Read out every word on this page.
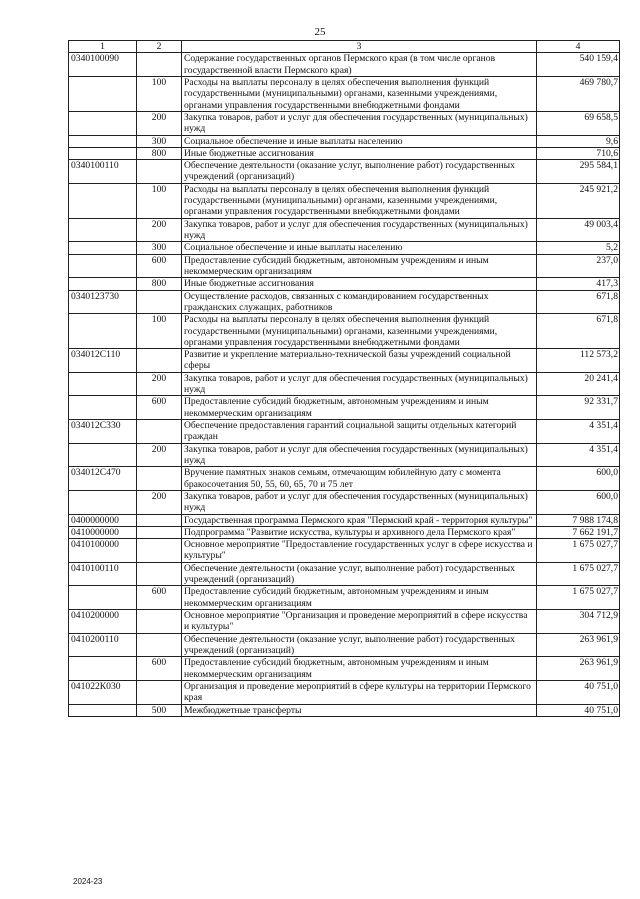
25
1	2	3	4
0340100090		Содержание государственных органов Пермского края (в том числе органов государственной власти Пермского края)	540 159,4
	100	Расходы на выплаты персоналу в целях обеспечения выполнения функций государственными (муниципальными) органами, казенными учреждениями, органами управления государственными внебюджетными фондами	469 780,7
	200	Закупка товаров, работ и услуг для обеспечения государственных (муниципальных) нужд	69 658,5
	300	Социальное обеспечение и иные выплаты населению	9,6
	800	Иные бюджетные ассигнования	710,6
0340100110		Обеспечение деятельности (оказание услуг, выполнение работ) государственных учреждений (организаций)	295 584,1
	100	Расходы на выплаты персоналу в целях обеспечения выполнения функций государственными (муниципальными) органами, казенными учреждениями, органами управления государственными внебюджетными фондами	245 921,2
	200	Закупка товаров, работ и услуг для обеспечения государственных (муниципальных) нужд	49 003,4
	300	Социальное обеспечение и иные выплаты населению	5,2
	600	Предоставление субсидий бюджетным, автономным учреждениям и иным некоммерческим организациям	237,0
	800	Иные бюджетные ассигнования	417,3
0340123730		Осуществление расходов, связанных с командированием государственных гражданских служащих, работников	671,8
	100	Расходы на выплаты персоналу в целях обеспечения выполнения функций государственными (муниципальными) органами, казенными учреждениями, органами управления государственными внебюджетными фондами	671,8
034012С110		Развитие и укрепление материально-технической базы учреждений социальной сферы	112 573,2
	200	Закупка товаров, работ и услуг для обеспечения государственных (муниципальных) нужд	20 241,4
	600	Предоставление субсидий бюджетным, автономным учреждениям и иным некоммерческим организациям	92 331,7
034012С330		Обеспечение предоставления гарантий социальной защиты отдельных категорий граждан	4 351,4
	200	Закупка товаров, работ и услуг для обеспечения государственных (муниципальных) нужд	4 351,4
034012С470		Вручение памятных знаков семьям, отмечающим юбилейную дату с момента бракосочетания 50, 55, 60, 65, 70 и 75 лет	600,0
	200	Закупка товаров, работ и услуг для обеспечения государственных (муниципальных) нужд	600,0
0400000000		Государственная программа Пермского края "Пермский край - территория культуры"	7 988 174,8
0410000000		Подпрограмма "Развитие искусства, культуры и архивного дела Пермского края"	7 662 191,7
0410100000		Основное мероприятие "Предоставление государственных услуг в сфере искусства и культуры"	1 675 027,7
0410100110		Обеспечение деятельности (оказание услуг, выполнение работ) государственных учреждений (организаций)	1 675 027,7
	600	Предоставление субсидий бюджетным, автономным учреждениям и иным некоммерческим организациям	1 675 027,7
0410200000		Основное мероприятие "Организация и проведение мероприятий в сфере искусства и культуры"	304 712,9
0410200110		Обеспечение деятельности (оказание услуг, выполнение работ) государственных учреждений (организаций)	263 961,9
	600	Предоставление субсидий бюджетным, автономным учреждениям и иным некоммерческим организациям	263 961,9
041022К030		Организация и проведение мероприятий в сфере культуры на территории Пермского края	40 751,0
	500	Межбюджетные трансферты	40 751,0
2024-23
